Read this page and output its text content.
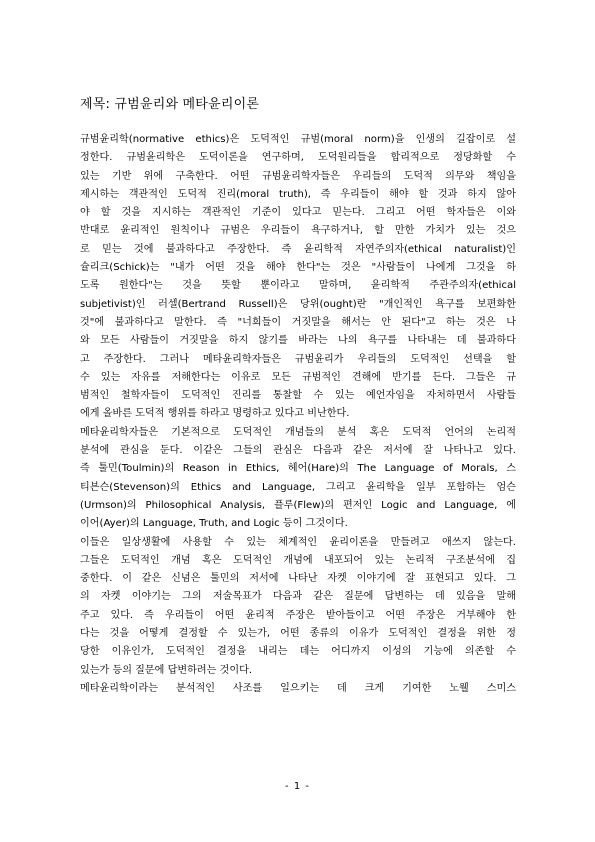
제목: 규범윤리와 메타윤리이론
규범윤리학(normative ethics)은 도덕적인 규범(moral norm)을 인생의 길잡이로 설
정한다. 규범윤리학은 도덕이론을 연구하며, 도덕원리들을 합리적으로 정당화할 수
있는 기반 위에 구축한다. 어떤 규범윤리학자들은 우리들의 도덕적 의무와 책임을
제시하는 객관적인 도덕적 진리(moral truth), 즉 우리들이 해야 할 것과 하지 않아
야 할 것을 지시하는 객관적인 기준이 있다고 믿는다. 그리고 어떤 학자들은 이와
반대로 윤리적인 원칙이나 규범은 우리들이 욕구하거나, 할 만한 가치가 있는 것으
로 믿는 것에 불과하다고 주장한다. 즉 윤리학적 자연주의자(ethical naturalist)인
슐리크(Schick)는 "내가 어떤 것을 해야 한다"는 것은 "사람들이 나에게 그것을 하
도록 원한다"는 것을 뜻할 뿐이라고 말하며, 윤리학적 주관주의자(ethical
subjetivist)인 러셀(Bertrand Russell)은 당위(ought)란 "개인적인 욕구를 보편화한
것"에 불과하다고 말한다. 즉 "너희들이 거짓말을 해서는 안 된다"고 하는 것은 나
와 모든 사람들이 거짓말을 하지 않기를 바라는 나의 욕구를 나타내는 데 불과하다
고 주장한다. 그러나 메타윤리학자들은 규범윤리가 우리들의 도덕적인 선택을 할
수 있는 자유를 저해한다는 이유로 모든 규범적인 견해에 반기를 든다. 그들은 규
범적인 철학자들이 도덕적인 진리를 통찰할 수 있는 예언자임을 자처하면서 사람들
에게 올바른 도덕적 행위를 하라고 명령하고 있다고 비난한다.
메타윤리학자들은 기본적으로 도덕적인 개념들의 분석 혹은 도덕적 언어의 논리적
분석에 관심을 둔다. 이같은 그들의 관심은 다음과 같은 저서에 잘 나타나고 있다.
즉 툴민(Toulmin)의 Reason in Ethics, 헤어(Hare)의 The Language of Morals, 스
티븐슨(Stevenson)의 Ethics and Language, 그리고 윤리학을 일부 포함하는 엄슨
(Urmson)의 Philosophical Analysis, 플루(Flew)의 편저인 Logic and Language, 에
이어(Ayer)의 Language, Truth, and Logic 등이 그것이다.
이들은 일상생활에 사용할 수 있는 체계적인 윤리이론을 만들려고 애쓰지 않는다.
그들은 도덕적인 개념 혹은 도덕적인 개념에 내포되어 있는 논리적 구조분석에 집
중한다. 이 같은 신념은 툴민의 저서에 나타난 자켓 이야기에 잘 표현되고 있다. 그
의 자켓 이야기는 그의 저술목표가 다음과 같은 질문에 답변하는 데 있음을 말해
주고 있다. 즉 우리들이 어떤 윤리적 주장은 받아들이고 어떤 주장은 거부해야 한
다는 것을 어떻게 결정할 수 있는가, 어떤 종류의 이유가 도덕적인 결정을 위한 정
당한 이유인가, 도덕적인 결정을 내리는 데는 어디까지 이성의 기능에 의존할 수
있는가 등의 질문에 답변하려는 것이다.
메타윤리학이라는 분석적인 사조를 일으키는 데 크게 기여한 노웰 스미스
- 1 -
